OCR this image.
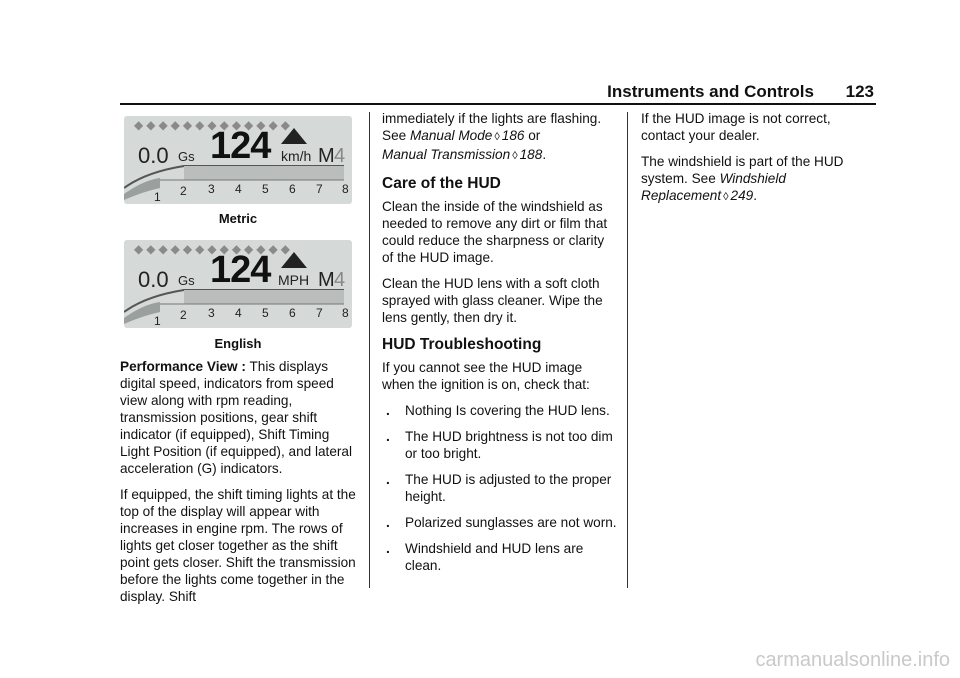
Instruments and Controls 123
◆◆◆◆◆◆◆◆◆◆◆◆◆
0.0 Gs 124 km/h M 4
1 2 3 4 5 6 7 8
Metric
◆◆◆◆◆◆◆◆◆◆◆◆◆
0.0 Gs 124 MPH M 4
1 2 3 4 5 6 7 8
English

Performance View : This displays digital speed, indicators from speed view along with rpm reading, transmission positions, gear shift indicator (if equipped), Shift Timing Light Position (if equipped), and lateral acceleration (G) indicators.

If equipped, the shift timing lights at the top of the display will appear with increases in engine rpm. The rows of lights get closer together as the shift point gets closer. Shift the transmission before the lights come together in the display. Shift

immediately if the lights are flashing. See Manual Mode ◊ 186 or
Manual Transmission ◊ 188.

Care of the HUD

Clean the inside of the windshield as needed to remove any dirt or film that could reduce the sharpness or clarity of the HUD image.

Clean the HUD lens with a soft cloth sprayed with glass cleaner. Wipe the lens gently, then dry it.

HUD Troubleshooting

If you cannot see the HUD image when the ignition is on, check that:

. Nothing Is covering the HUD lens.
. The HUD brightness is not too dim or too bright.
. The HUD is adjusted to the proper height.
. Polarized sunglasses are not worn.
. Windshield and HUD lens are clean.

If the HUD image is not correct, contact your dealer.

The windshield is part of the HUD system. See Windshield Replacement ◊ 249.

carmanualsonline.info
